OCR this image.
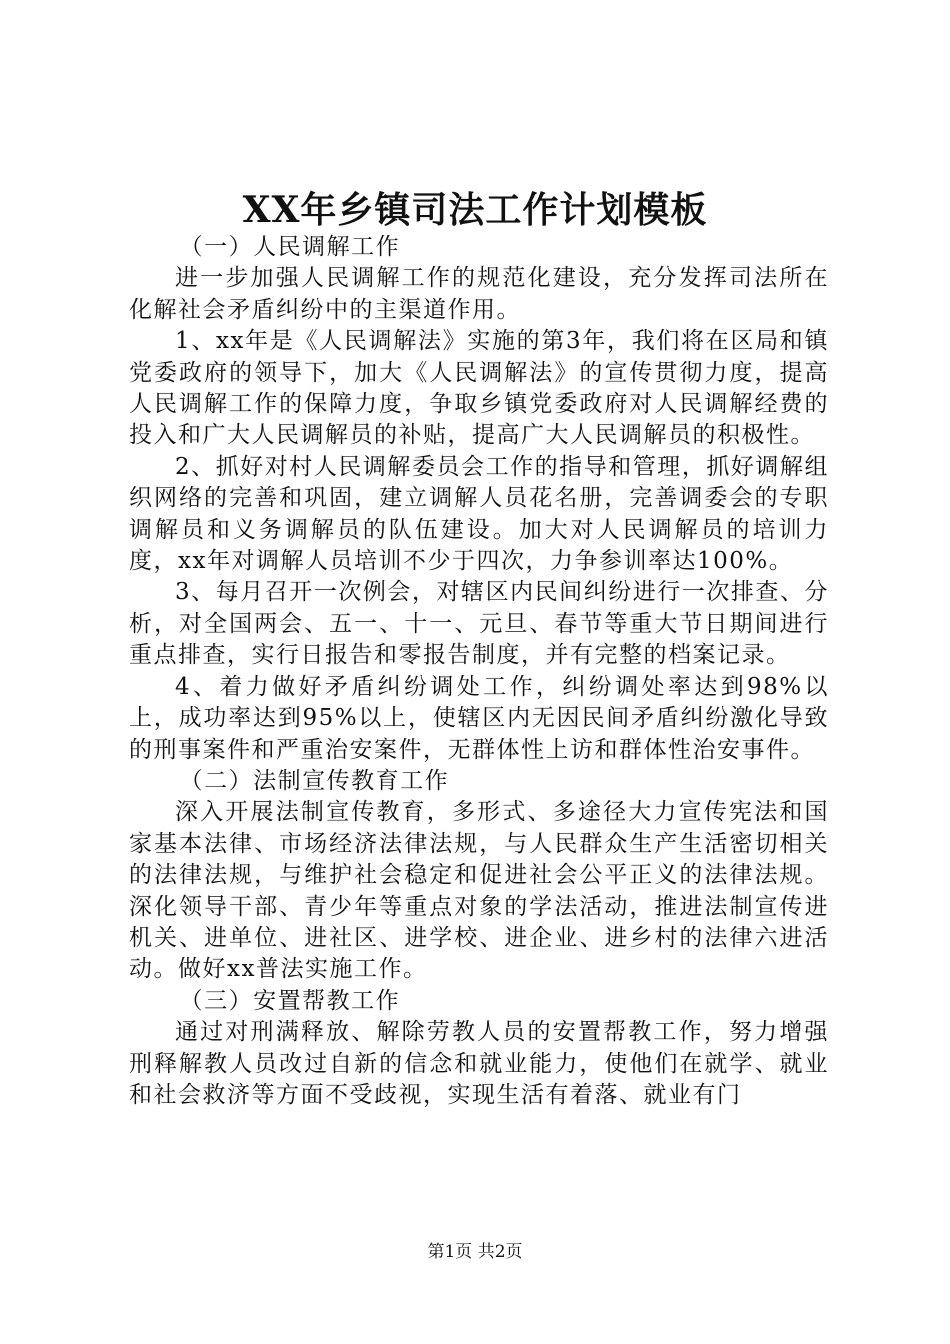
XX年乡镇司法工作计划模板

（一）人民调解工作

进一步加强人民调解工作的规范化建设，充分发挥司法所在化解社会矛盾纠纷中的主渠道作用。

1、xx年是《人民调解法》实施的第3年，我们将在区局和镇党委政府的领导下，加大《人民调解法》的宣传贯彻力度，提高人民调解工作的保障力度，争取乡镇党委政府对人民调解经费的投入和广大人民调解员的补贴，提高广大人民调解员的积极性。

2、抓好对村人民调解委员会工作的指导和管理，抓好调解组织网络的完善和巩固，建立调解人员花名册，完善调委会的专职调解员和义务调解员的队伍建设。加大对人民调解员的培训力度，xx年对调解人员培训不少于四次，力争参训率达100%。

3、每月召开一次例会，对辖区内民间纠纷进行一次排查、分析，对全国两会、五一、十一、元旦、春节等重大节日期间进行重点排查，实行日报告和零报告制度，并有完整的档案记录。

4、着力做好矛盾纠纷调处工作，纠纷调处率达到98%以上，成功率达到95%以上，使辖区内无因民间矛盾纠纷激化导致的刑事案件和严重治安案件，无群体性上访和群体性治安事件。

（二）法制宣传教育工作

深入开展法制宣传教育，多形式、多途径大力宣传宪法和国家基本法律、市场经济法律法规，与人民群众生产生活密切相关的法律法规，与维护社会稳定和促进社会公平正义的法律法规。深化领导干部、青少年等重点对象的学法活动，推进法制宣传进机关、进单位、进社区、进学校、进企业、进乡村的法律六进活动。做好xx普法实施工作。

（三）安置帮教工作

通过对刑满释放、解除劳教人员的安置帮教工作，努力增强刑释解教人员改过自新的信念和就业能力，使他们在就学、就业和社会救济等方面不受歧视，实现生活有着落、就业有门

第1页 共2页
